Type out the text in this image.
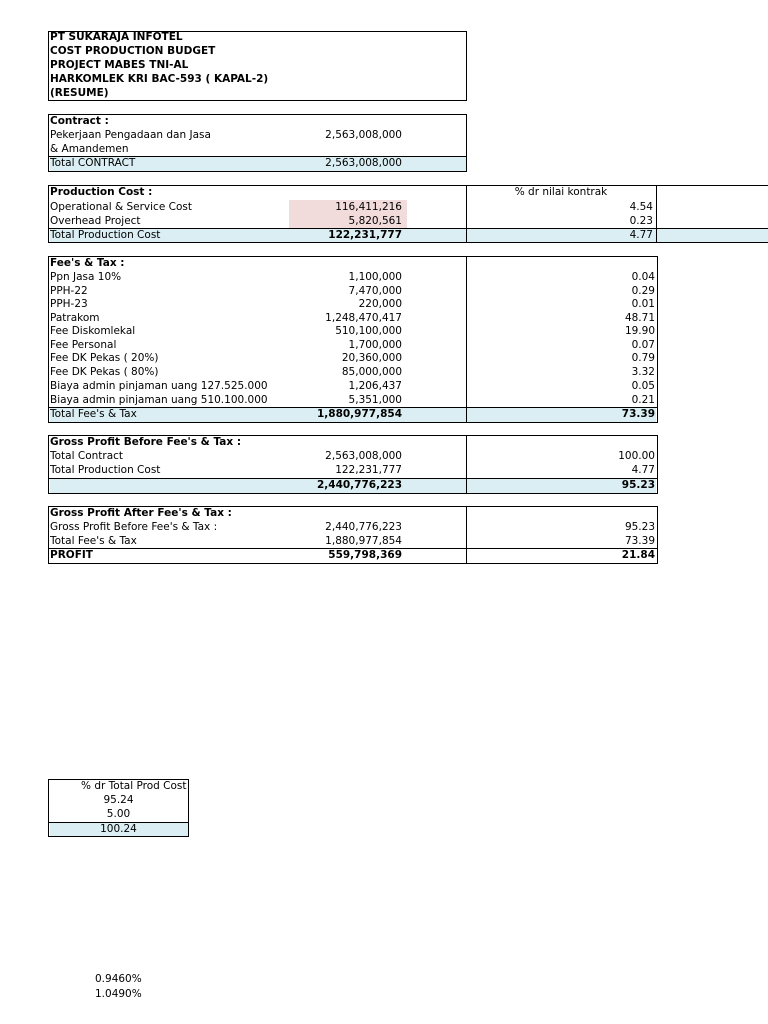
PT SUKARAJA INFOTEL
COST PRODUCTION BUDGET
PROJECT MABES TNI-AL
HARKOMLEK KRI BAC-593 ( KAPAL-2)
(RESUME)
Contract :
Pekerjaan Pengadaan dan Jasa	2,563,008,000
& Amandemen
Total CONTRACT	2,563,008,000
Production Cost :	% dr nilai kontrak
Operational & Service Cost	116,411,216	4.54
Overhead Project	5,820,561	0.23
Total Production Cost	122,231,777	4.77
Fee's & Tax :
Ppn Jasa 10%	1,100,000	0.04
PPH-22	7,470,000	0.29
PPH-23	220,000	0.01
Patrakom	1,248,470,417	48.71
Fee Diskomlekal	510,100,000	19.90
Fee Personal	1,700,000	0.07
Fee DK Pekas ( 20%)	20,360,000	0.79
Fee DK Pekas ( 80%)	85,000,000	3.32
Biaya admin pinjaman uang 127.525.000	1,206,437	0.05
Biaya admin pinjaman uang 510.100.000	5,351,000	0.21
Total Fee's & Tax	1,880,977,854	73.39
Gross Profit Before Fee's & Tax :
Total Contract	2,563,008,000	100.00
Total Production Cost	122,231,777	4.77
2,440,776,223	95.23
Gross Profit After Fee's & Tax :
Gross Profit Before Fee's & Tax :	2,440,776,223	95.23
Total Fee's & Tax	1,880,977,854	73.39
PROFIT	559,798,369	21.84
% dr Total Prod Cost
95.24
5.00
100.24
0.9460%
1.0490%
